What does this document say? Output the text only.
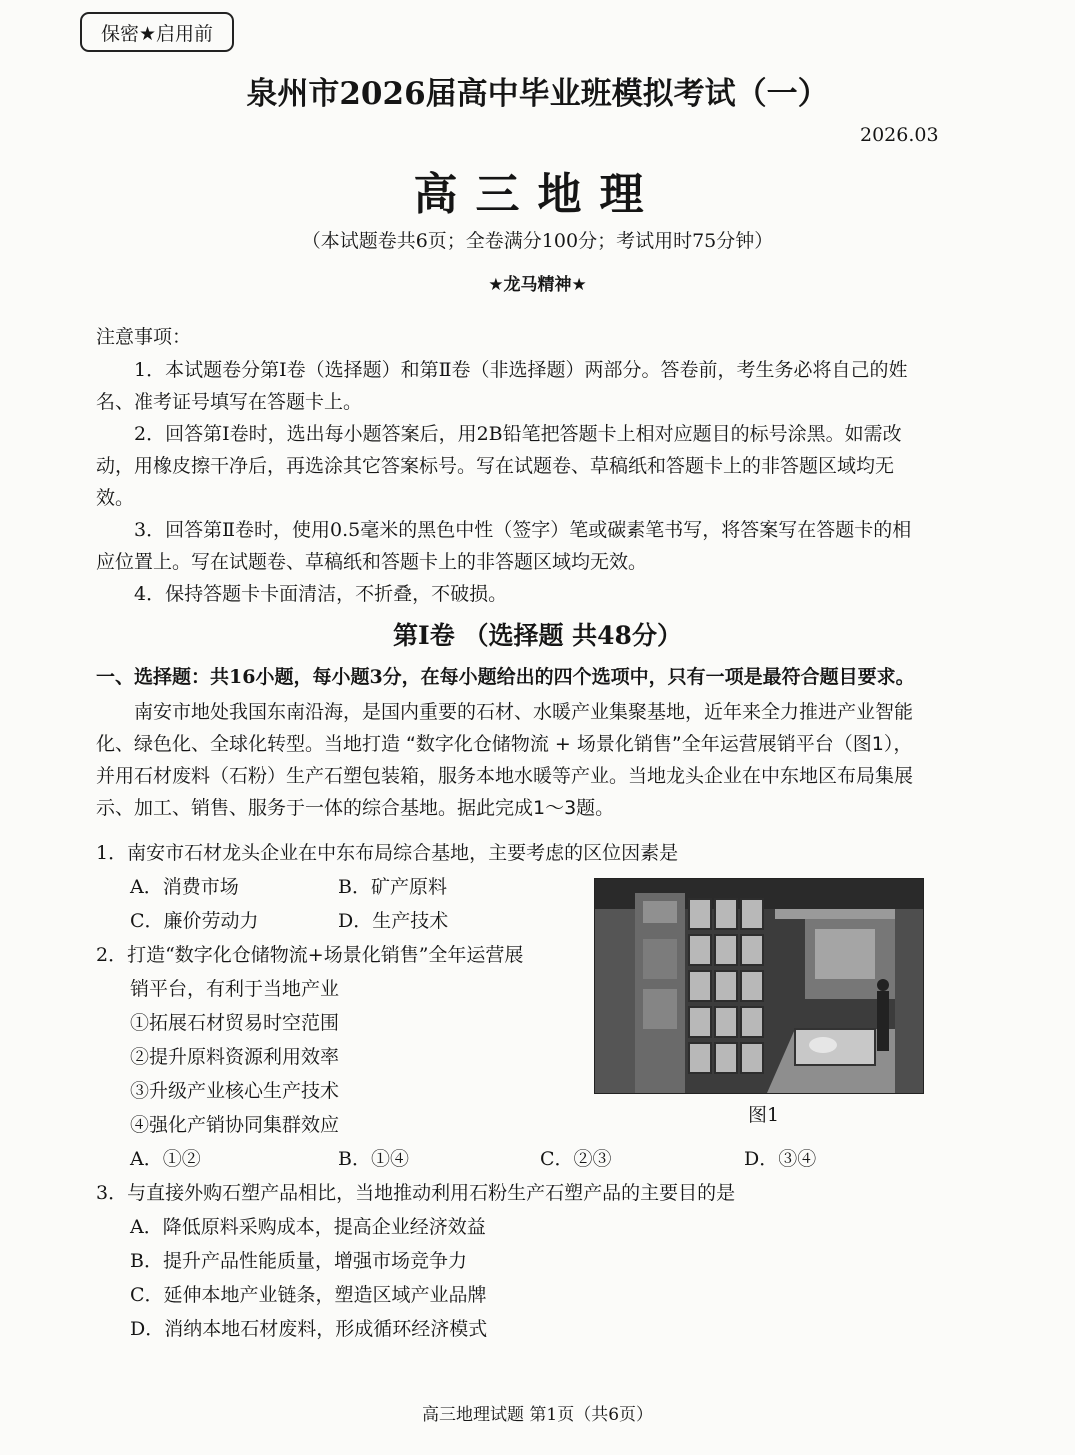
保密★启用前
泉州市2026届高中毕业班模拟考试（一）
2026.03
高三地理
（本试题卷共6页；全卷满分100分；考试用时75分钟）
★龙马精神★
注意事项：

1．本试题卷分第Ⅰ卷（选择题）和第Ⅱ卷（非选择题）两部分。答卷前，考生务必将自己的姓名、准考证号填写在答题卡上。

2．回答第Ⅰ卷时，选出每小题答案后，用2B铅笔把答题卡上相对应题目的标号涂黑。如需改动，用橡皮擦干净后，再选涂其它答案标号。写在试题卷、草稿纸和答题卡上的非答题区域均无效。

3．回答第Ⅱ卷时，使用0.5毫米的黑色中性（签字）笔或碳素笔书写，将答案写在答题卡的相应位置上。写在试题卷、草稿纸和答题卡上的非答题区域均无效。

4．保持答题卡卡面清洁，不折叠，不破损。

第Ⅰ卷 （选择题 共48分）
一、选择题：共16小题，每小题3分，在每小题给出的四个选项中，只有一项是最符合题目要求。

南安市地处我国东南沿海，是国内重要的石材、水暖产业集聚基地，近年来全力推进产业智能化、绿色化、全球化转型。当地打造 “数字化仓储物流 + 场景化销售”全年运营展销平台（图1），并用石材废料（石粉）生产石塑包装箱，服务本地水暖等产业。当地龙头企业在中东地区布局集展示、加工、销售、服务于一体的综合基地。据此完成1～3题。

1．南安市石材龙头企业在中东布局综合基地，主要考虑的区位因素是
A．消费市场	B．矿产原料
C．廉价劳动力	D．生产技术
2．打造“数字化仓储物流+场景化销售”全年运营展
销平台，有利于当地产业
①拓展石材贸易时空范围
②提升原料资源利用效率
③升级产业核心生产技术
④强化产销协同集群效应
A．①②	B．①④	C．②③	D．③④
图1
3．与直接外购石塑产品相比，当地推动利用石粉生产石塑产品的主要目的是
A．降低原料采购成本，提高企业经济效益
B．提升产品性能质量，增强市场竞争力
C．延伸本地产业链条，塑造区域产业品牌
D．消纳本地石材废料，形成循环经济模式
高三地理试题 第1页（共6页）
